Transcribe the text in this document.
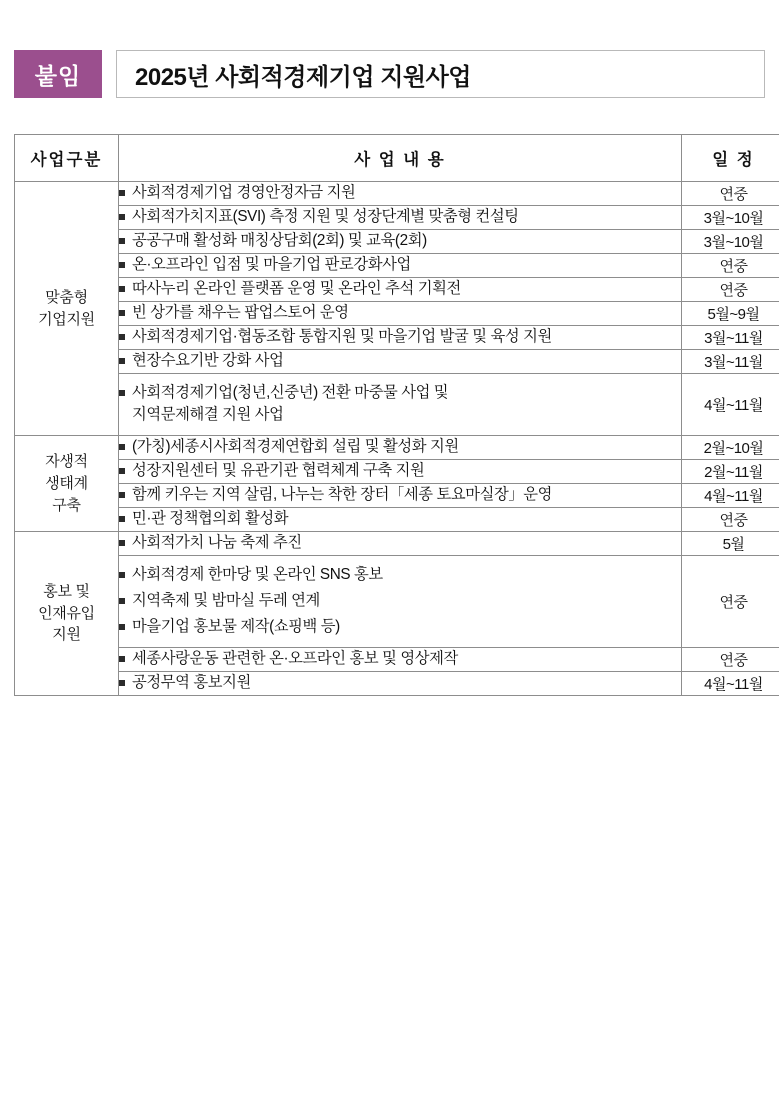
붙임	2025년 사회적경제기업 지원사업
사업구분	사 업 내 용	일 정
맞춤형
기업지원	사회적경제기업 경영안정자금 지원	연중

	사회적가치지표(SVI) 측정 지원 및 성장단계별 맞춤형 컨설팅	3월~10월

	공공구매 활성화 매칭상담회(2회) 및 교육(2회)	3월~10월

	온·오프라인 입점 및 마을기업 판로강화사업	연중

	따사누리 온라인 플랫폼 운영 및 온라인 추석 기획전	연중

	빈 상가를 채우는 팝업스토어 운영	5월~9월

	사회적경제기업·협동조합 통합지원 및 마을기업 발굴 및 육성 지원	3월~11월

	현장수요기반 강화 사업	3월~11월

	사회적경제기업(청년,신중년) 전환 마중물 사업 및
지역문제해결 지원 사업	4월~11월
자생적
생태계
구축	(가칭)세종시사회적경제연합회 설립 및 활성화 지원	2월~10월

	성장지원센터 및 유관기관 협력체계 구축 지원	2월~11월

	함께 키우는 지역 살림, 나누는 착한 장터「세종 토요마실장」운영	4월~11월

	민·관 정책협의회 활성화	연중
홍보 및
인재유입
지원	사회적가치 나눔 축제 추진	5월

	사회적경제 한마당 및 온라인 SNS 홍보
지역축제 및 밤마실 두레 연계
마을기업 홍보물 제작(쇼핑백 등)	연중

	세종사랑운동 관련한 온·오프라인 홍보 및 영상제작	연중

	공정무역 홍보지원	4월~11월
